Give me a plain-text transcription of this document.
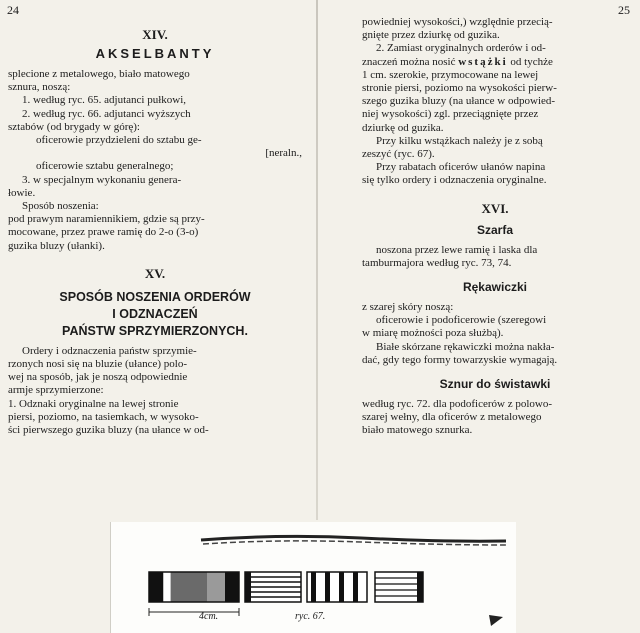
24
XIV.
AKSELBANTY

splecione z metalowego, biało matowego

sznura, noszą:

1. według ryc. 65. adjutanci pułkowi,

2. według ryc. 66. adjutanci wyższych

sztabów (od brygady w górę):

oficerowie przydzieleni do sztabu ge-

[neraln.,

oficerowie sztabu generalnego;

3. w specjalnym wykonaniu genera-

łowie.

Sposób noszenia:

pod prawym naramiennikiem, gdzie są przy-

mocowane, przez prawe ramię do 2-o (3-o)

guzika bluzy (ułanki).

XV.
SPOSÓB NOSZENIA ORDERÓW
I ODZNACZEŃ
PAŃSTW SPRZYMIERZONYCH.

Ordery i odznaczenia państw sprzymie-

rzonych nosi się na bluzie (ułance) polo-

wej na sposób, jak je noszą odpowiednie

armje sprzymierzone:

1. Odznaki oryginalne na lewej stronie

piersi, poziomo, na tasiemkach, w wysoko-

ści pierwszego guzika bluzy (na ułance w od-

25

powiedniej wysokości,) względnie przecią-

gnięte przez dziurkę od guzika.

2. Zamiast oryginalnych orderów i od-

znaczeń można nosić wstążki od tychże

1 cm. szerokie, przymocowane na lewej

stronie piersi, poziomo na wysokości pierw-

szego guzika bluzy (na ułance w odpowied-

niej wysokości) zgl. przeciągnięte przez

dziurkę od guzika.

Przy kilku wstążkach należy je z sobą

zeszyć (ryc. 67).

Przy rabatach oficerów ułanów napina

się tylko ordery i odznaczenia oryginalne.

XVI.
Szarfa

noszona przez lewe ramię i laska dla

tamburmajora według ryc. 73, 74.

Rękawiczki

z szarej skóry noszą:

oficerowie i podoficerowie (szeregowi

w miarę możności poza służbą).

Białe skórzane rękawiczki można nakła-

dać, gdy tego formy towarzyskie wymagają.

Sznur do świstawki

według ryc. 72. dla podoficerów z polowo-

szarej wełny, dla oficerów z metalowego

biało matowego sznurka.

4cm.	ryc. 67.
